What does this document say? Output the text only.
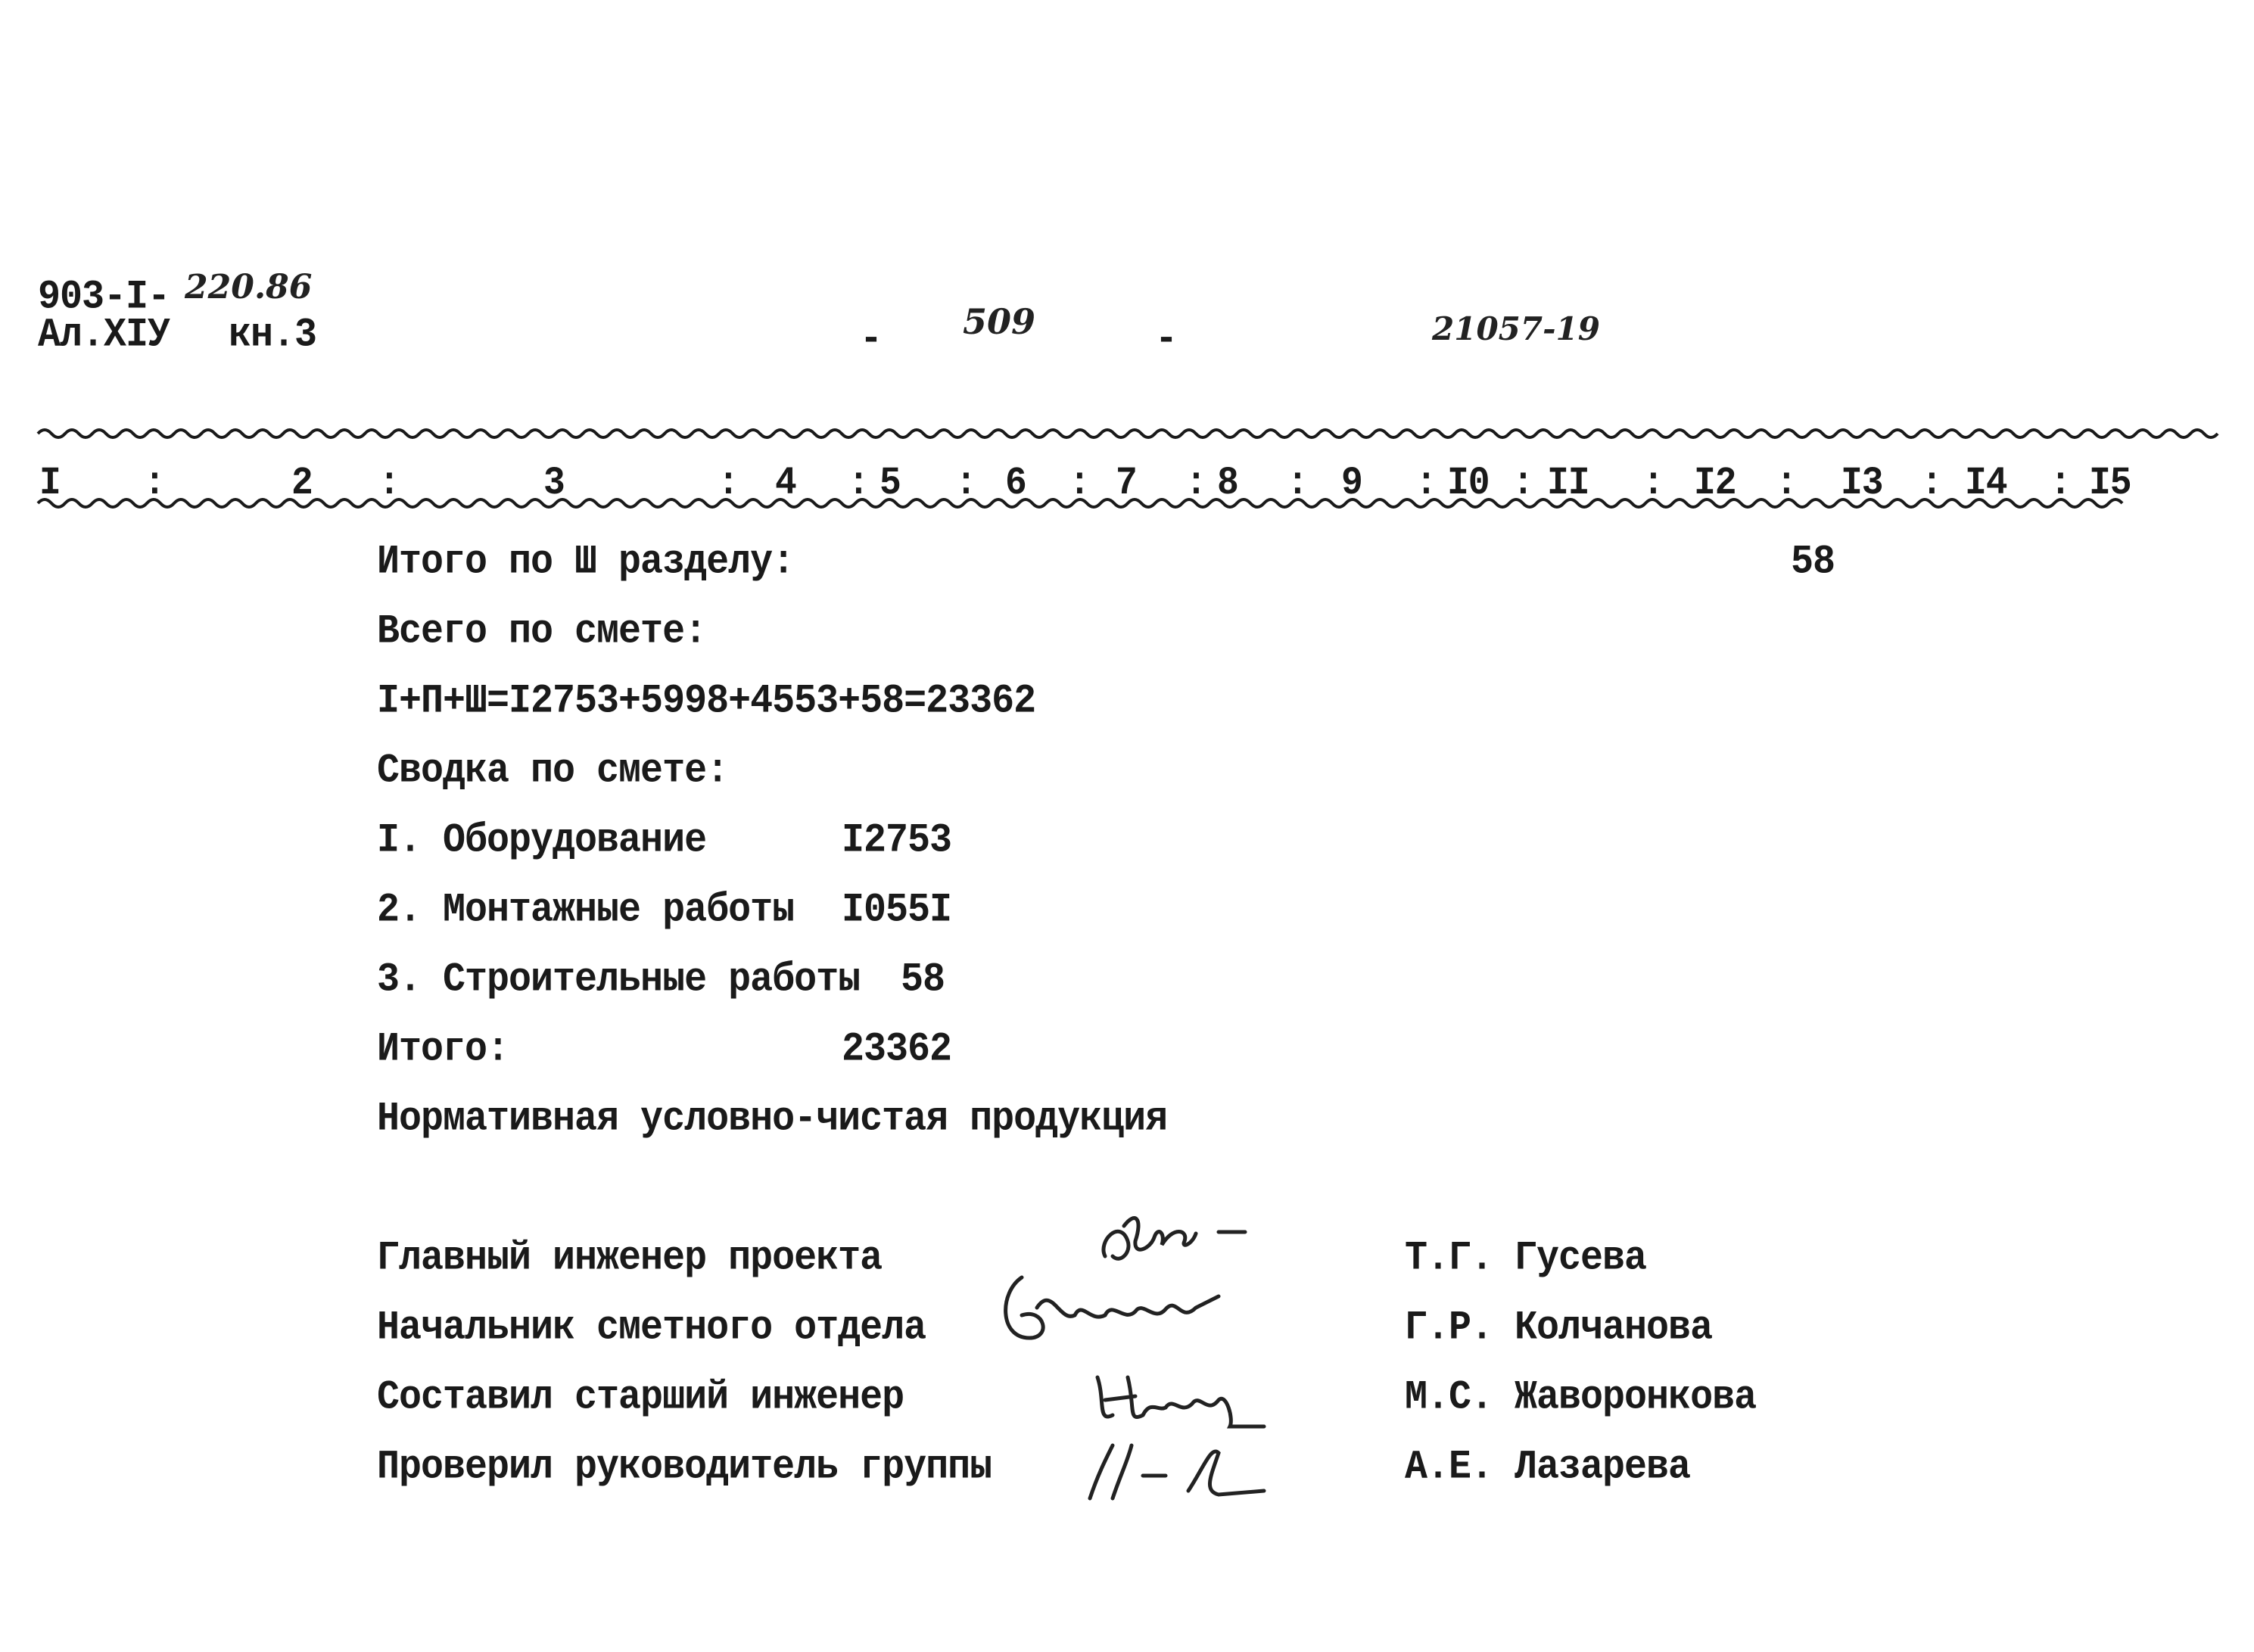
903-I- 220.86
Ал.XIУ кн.3	- 509	-	21057-19
I :	2 :	3	: 4 : 5 : 6 : 7 : 8 : 9 : I0 : II : I2 : I3 : I4 : I5
Итого по Ш разделу:	58
Всего по смете:
I+П+Ш=I2753+5998+4553+58=23362
Сводка по смете:
I. Оборудование	I2753
2. Монтажные работы I055I
3. Строительные работы 58
Итого:	23362
Нормативная условно-чистая продукция
Главный инженер проекта	Т.Г. Гусева
Начальник сметного отдела	Г.Р. Колчанова
Составил старший инженер	М.С. Жаворонкова
Проверил руководитель группы	А.Е. Лазарева
